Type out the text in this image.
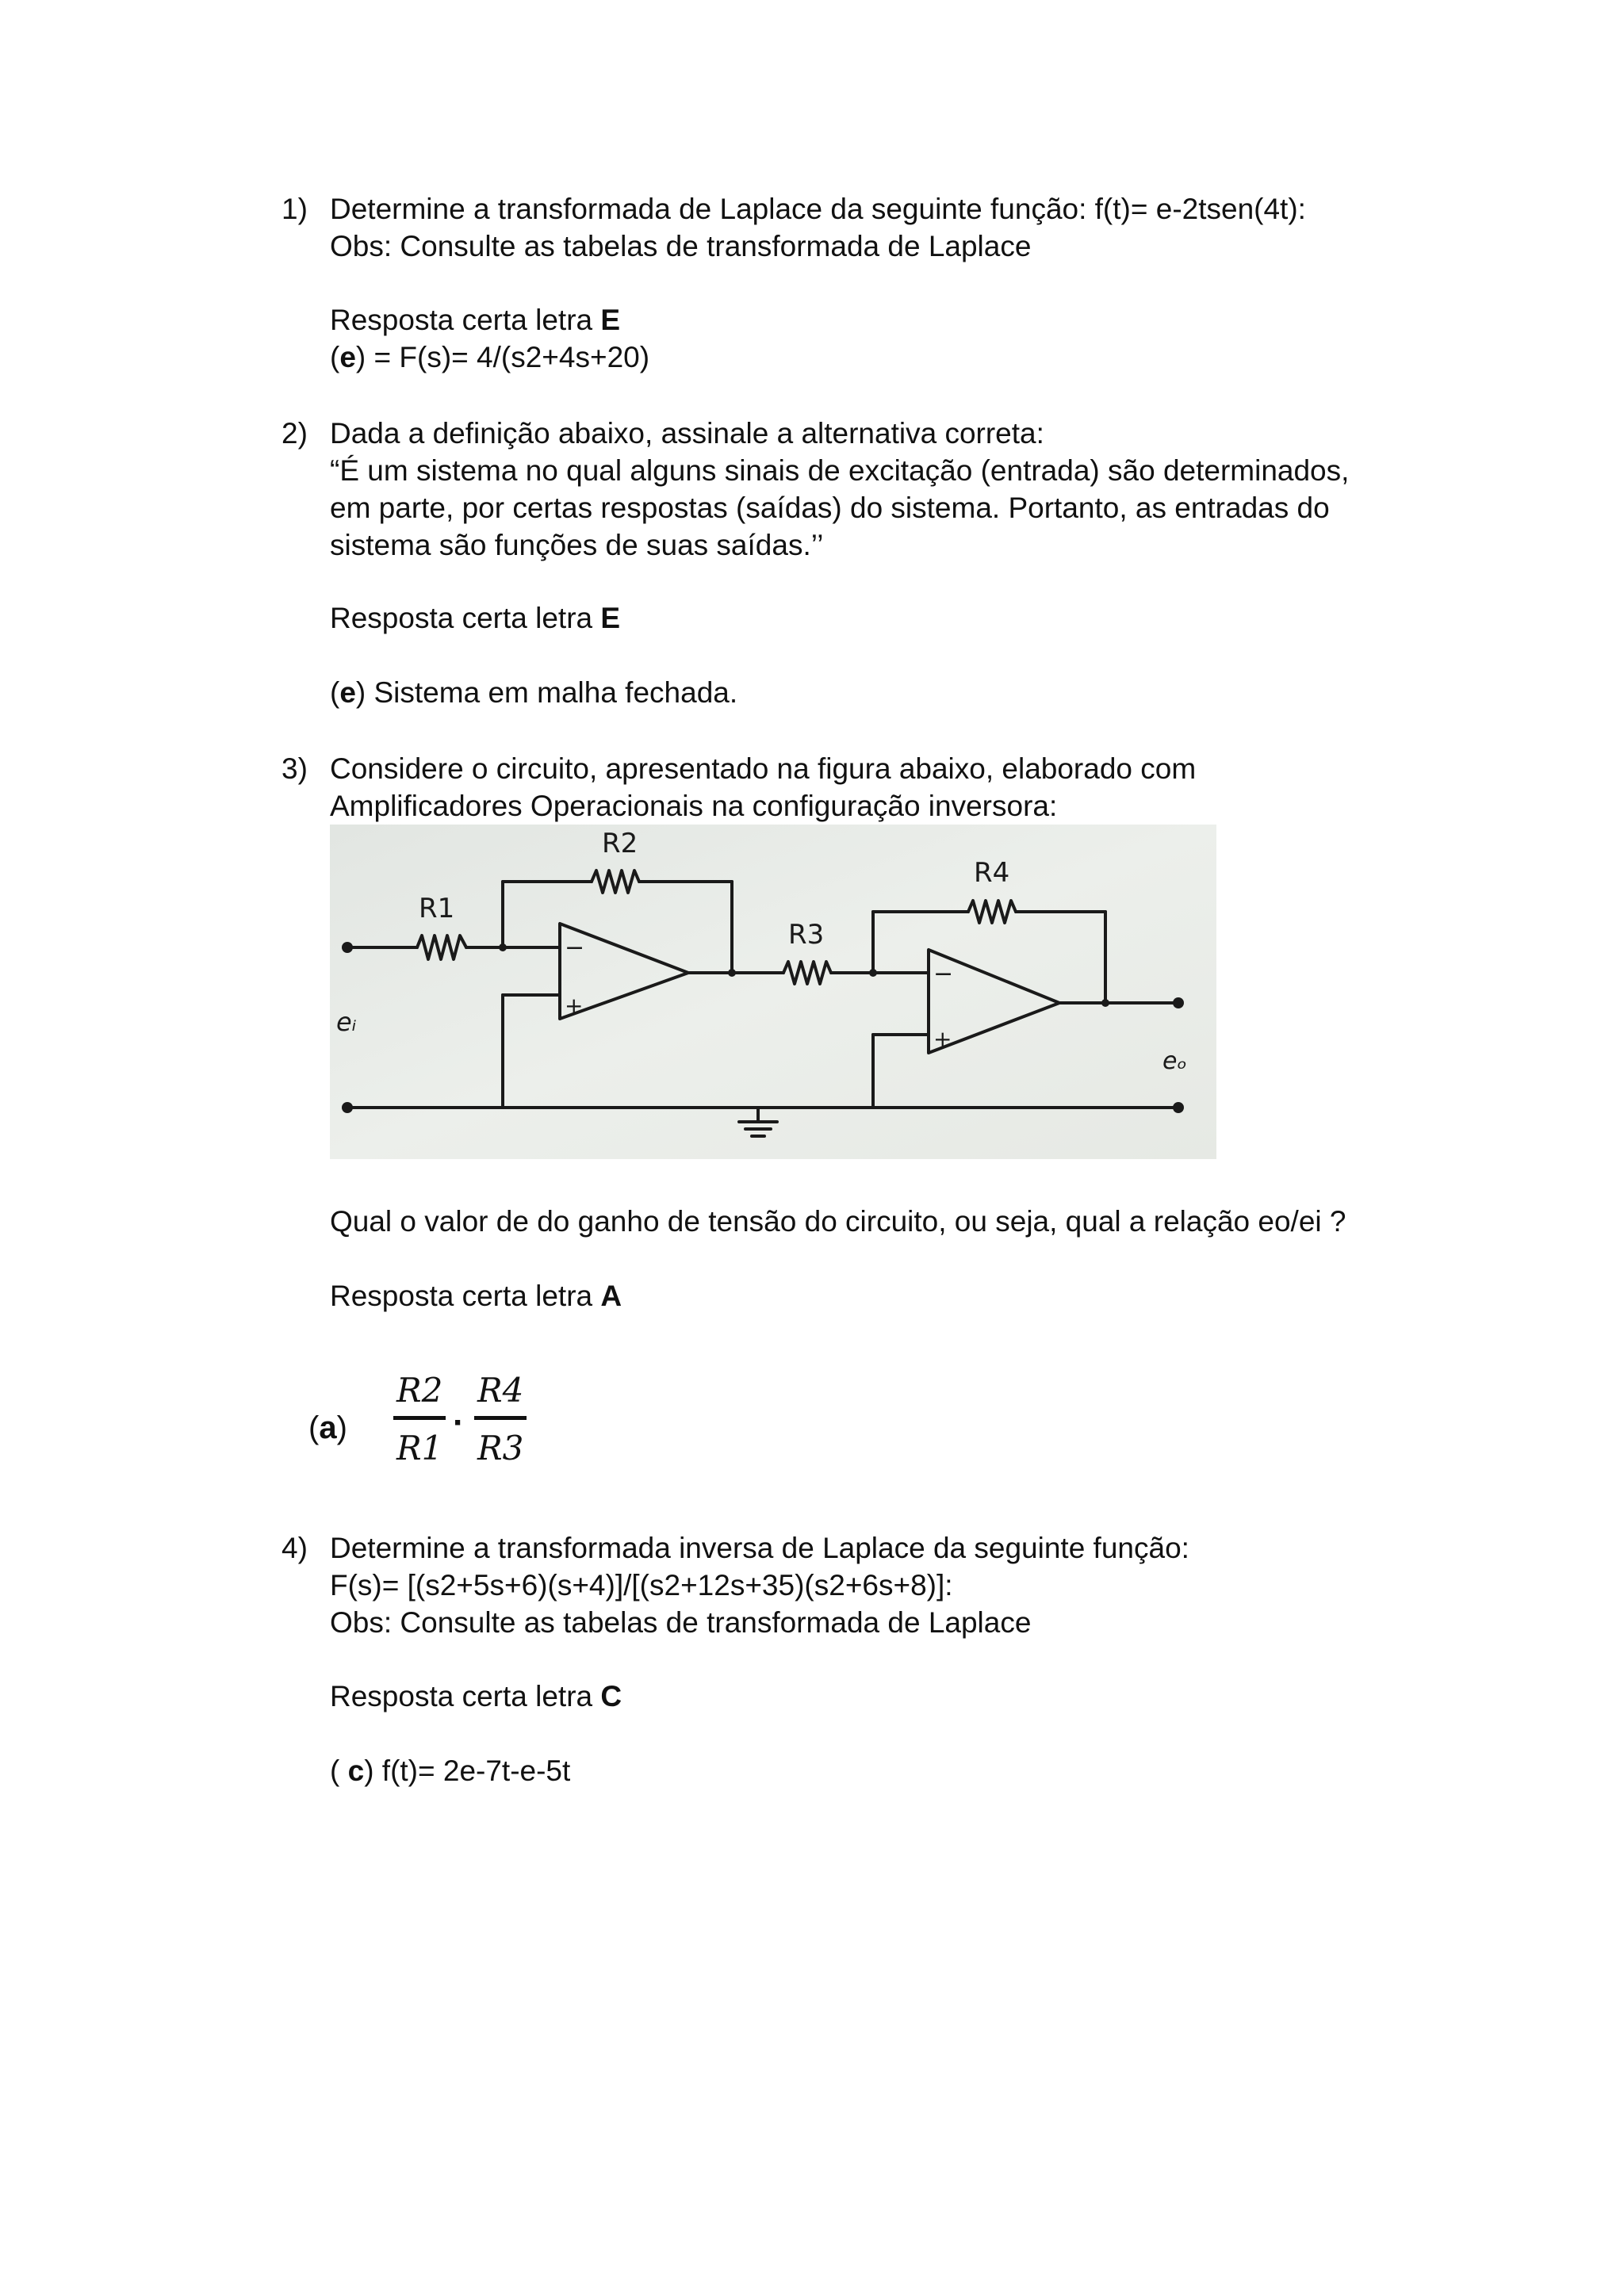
1) Determine a transformada de Laplace da seguinte função: f(t)= e-2tsen(4t):
Obs: Consulte as tabelas de transformada de Laplace
Resposta certa letra E
(e) = F(s)= 4/(s2+4s+20)
2) Dada a definição abaixo, assinale a alternativa correta:
“É um sistema no qual alguns sinais de excitação (entrada) são determinados,
em parte, por certas respostas (saídas) do sistema. Portanto, as entradas do
sistema são funções de suas saídas.’’
Resposta certa letra E
(e) Sistema em malha fechada.
3) Considere o circuito, apresentado na figura abaixo, elaborado com
Amplificadores Operacionais na configuração inversora:
R1
R2
R3
R4
−
+
−
+
eᵢ
eₒ
Qual o valor de do ganho de tensão do circuito, ou seja, qual a relação eo/ei ?
Resposta certa letra A
$(a) \frac{R2}{R1} \cdot \frac{R4}{R3}$
4) Determine a transformada inversa de Laplace da seguinte função:
F(s)= [(s2+5s+6)(s+4)]/[(s2+12s+35)(s2+6s+8)]:
Obs: Consulte as tabelas de transformada de Laplace
Resposta certa letra C
( c) f(t)= 2e-7t-e-5t
